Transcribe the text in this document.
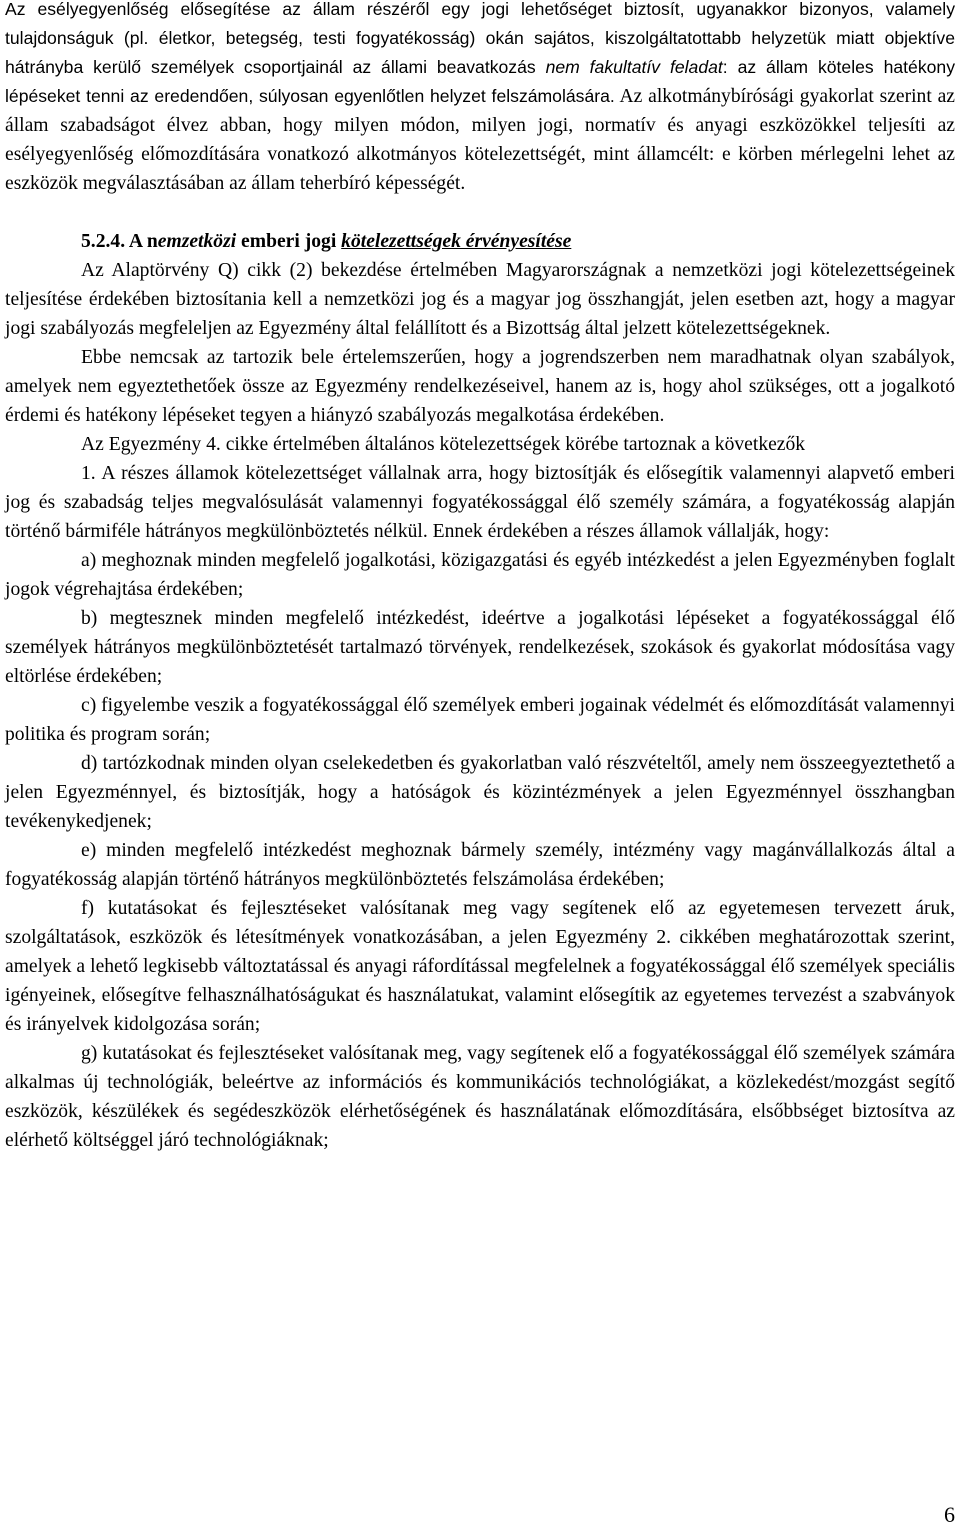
Az esélyegyenlőség elősegítése az állam részéről egy jogi lehetőséget biztosít, ugyanakkor bizonyos, valamely tulajdonságuk (pl. életkor, betegség, testi fogyatékosság) okán sajátos, kiszolgáltatottabb helyzetük miatt objektíve hátrányba kerülő személyek csoportjainál az állami beavatkozás nem fakultatív feladat: az állam köteles hatékony lépéseket tenni az eredendően, súlyosan egyenlőtlen helyzet felszámolására. Az alkotmánybírósági gyakorlat szerint az állam szabadságot élvez abban, hogy milyen módon, milyen jogi, normatív és anyagi eszközökkel teljesíti az esélyegyenlőség előmozdítására vonatkozó alkotmányos kötelezettségét, mint államcélt: e körben mérlegelni lehet az eszközök megválasztásában az állam teherbíró képességét.

5.2.4. A nemzetközi emberi jogi kötelezettségek érvényesítése

Az Alaptörvény Q) cikk (2) bekezdése értelmében Magyarországnak a nemzetközi jogi kötelezettségeinek teljesítése érdekében biztosítania kell a nemzetközi jog és a magyar jog összhangját, jelen esetben azt, hogy a magyar jogi szabályozás megfeleljen az Egyezmény által felállított és a Bizottság által jelzett kötelezettségeknek.

Ebbe nemcsak az tartozik bele értelemszerűen, hogy a jogrendszerben nem maradhatnak olyan szabályok, amelyek nem egyeztethetőek össze az Egyezmény rendelkezéseivel, hanem az is, hogy ahol szükséges, ott a jogalkotó érdemi és hatékony lépéseket tegyen a hiányzó szabályozás megalkotása érdekében.

Az Egyezmény 4. cikke értelmében általános kötelezettségek körébe tartoznak a következők

1. A részes államok kötelezettséget vállalnak arra, hogy biztosítják és elősegítik valamennyi alapvető emberi jog és szabadság teljes megvalósulását valamennyi fogyatékossággal élő személy számára, a fogyatékosság alapján történő bármiféle hátrányos megkülönböztetés nélkül. Ennek érdekében a részes államok vállalják, hogy:

a) meghoznak minden megfelelő jogalkotási, közigazgatási és egyéb intézkedést a jelen Egyezményben foglalt jogok végrehajtása érdekében;

b) megtesznek minden megfelelő intézkedést, ideértve a jogalkotási lépéseket a fogyatékossággal élő személyek hátrányos megkülönböztetését tartalmazó törvények, rendelkezések, szokások és gyakorlat módosítása vagy eltörlése érdekében;

c) figyelembe veszik a fogyatékossággal élő személyek emberi jogainak védelmét és előmozdítását valamennyi politika és program során;

d) tartózkodnak minden olyan cselekedetben és gyakorlatban való részvételtől, amely nem összeegyeztethető a jelen Egyezménnyel, és biztosítják, hogy a hatóságok és közintézmények a jelen Egyezménnyel összhangban tevékenykedjenek;

e) minden megfelelő intézkedést meghoznak bármely személy, intézmény vagy magánvállalkozás által a fogyatékosság alapján történő hátrányos megkülönböztetés felszámolása érdekében;

f) kutatásokat és fejlesztéseket valósítanak meg vagy segítenek elő az egyetemesen tervezett áruk, szolgáltatások, eszközök és létesítmények vonatkozásában, a jelen Egyezmény 2. cikkében meghatározottak szerint, amelyek a lehető legkisebb változtatással és anyagi ráfordítással megfelelnek a fogyatékossággal élő személyek speciális igényeinek, elősegítve felhasználhatóságukat és használatukat, valamint elősegítik az egyetemes tervezést a szabványok és irányelvek kidolgozása során;

g) kutatásokat és fejlesztéseket valósítanak meg, vagy segítenek elő a fogyatékossággal élő személyek számára alkalmas új technológiák, beleértve az információs és kommunikációs technológiákat, a közlekedést/mozgást segítő eszközök, készülékek és segédeszközök elérhetőségének és használatának előmozdítására, elsőbbséget biztosítva az elérhető költséggel járó technológiáknak;

6
